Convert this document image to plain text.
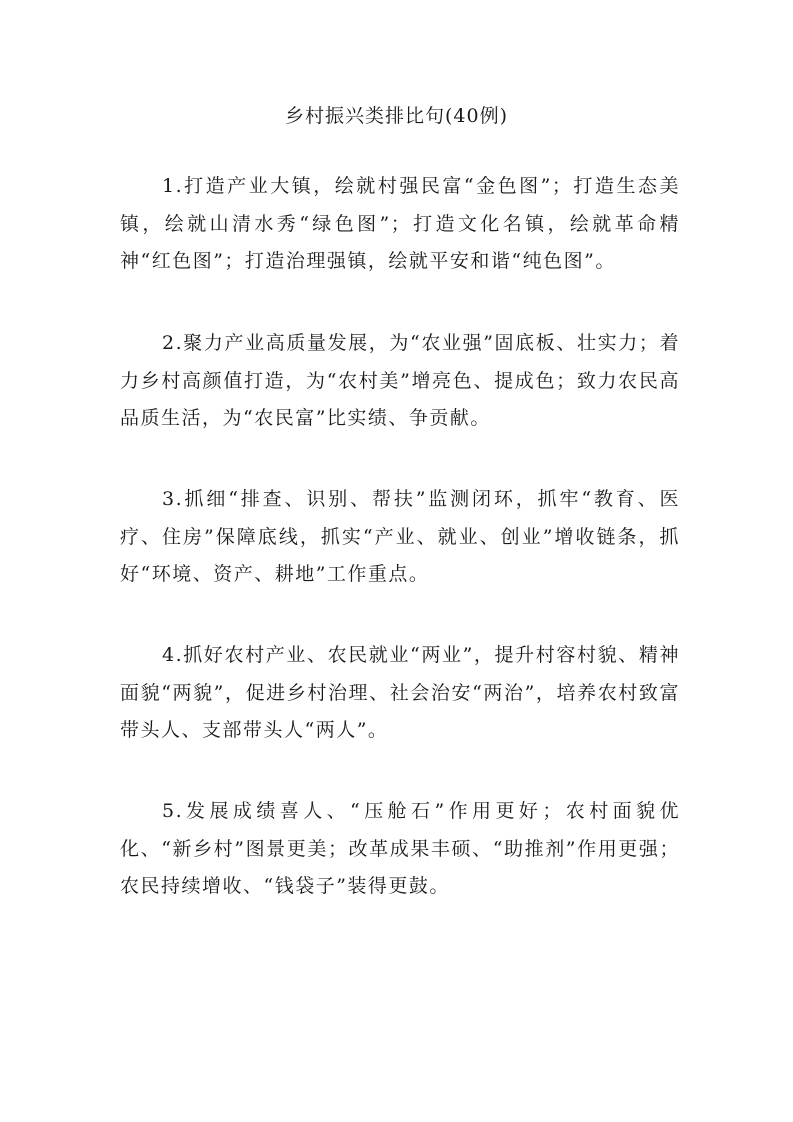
乡村振兴类排比句(40例)

1.打造产业大镇，绘就村强民富“金色图”；打造生态美镇，绘就山清水秀“绿色图”；打造文化名镇，绘就革命精神“红色图”；打造治理强镇，绘就平安和谐“纯色图”。

2.聚力产业高质量发展，为“农业强”固底板、壮实力；着力乡村高颜值打造，为“农村美”增亮色、提成色；致力农民高品质生活，为“农民富”比实绩、争贡献。

3.抓细“排查、识别、帮扶”监测闭环，抓牢“教育、医疗、住房”保障底线，抓实“产业、就业、创业”增收链条，抓好“环境、资产、耕地”工作重点。

4.抓好农村产业、农民就业“两业”，提升村容村貌、精神面貌“两貌”，促进乡村治理、社会治安“两治”，培养农村致富带头人、支部带头人“两人”。

5.发展成绩喜人、“压舱石”作用更好；农村面貌优化、“新乡村”图景更美；改革成果丰硕、“助推剂”作用更强；农民持续增收、“钱袋子”装得更鼓。
